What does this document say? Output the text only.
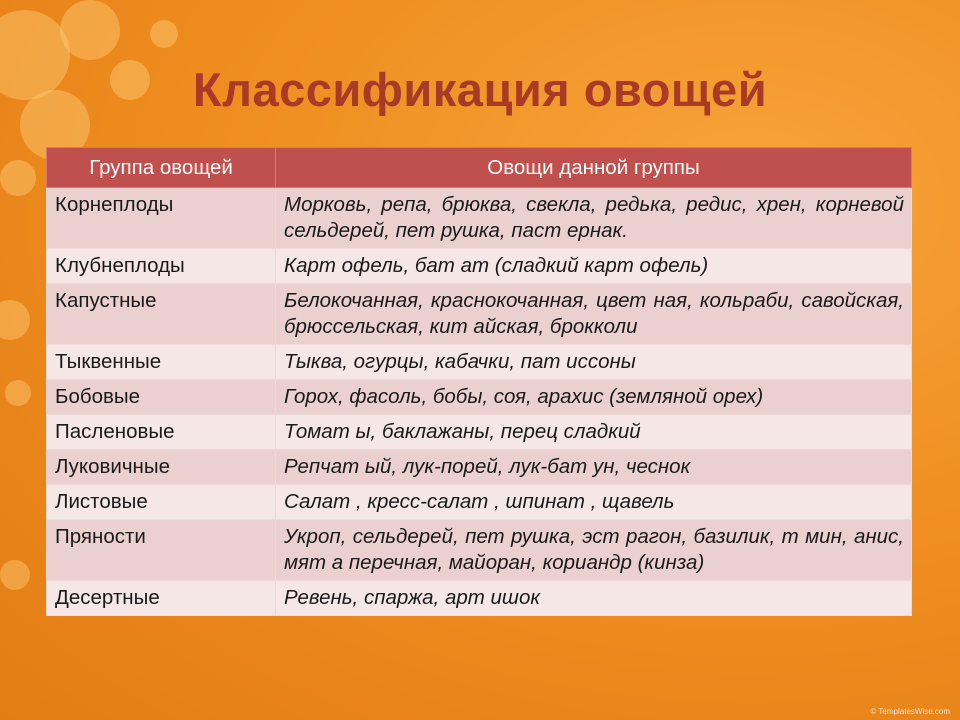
Классификация овощей
Группа овощей	Овощи данной группы
Корнеплоды	Морковь, репа, брюква, свекла, редька, редис, хрен, корневой сельдерей, пет рушка, паст ернак.
Клубнеплоды	Карт офель, бат ат (сладкий карт офель)
Капустные	Белокочанная, краснокочанная, цвет ная, кольраби, савойская, брюссельская, кит айская, брокколи
Тыквенные	Тыква, огурцы, кабачки, пат иссоны
Бобовые	Горох, фасоль, бобы, соя, арахис (земляной орех)
Пасленовые	Томат ы, баклажаны, перец сладкий
Луковичные	Репчат ый, лук-порей, лук-бат ун, чеснок
Листовые	Салат , кресс-салат , шпинат , щавель
Пряности	Укроп, сельдерей, пет рушка, эст рагон, базилик, т мин, анис, мят а перечная, майоран, кориандр (кинза)
Десертные	Ревень, спаржа, арт ишок
© TemplatesWise.com
